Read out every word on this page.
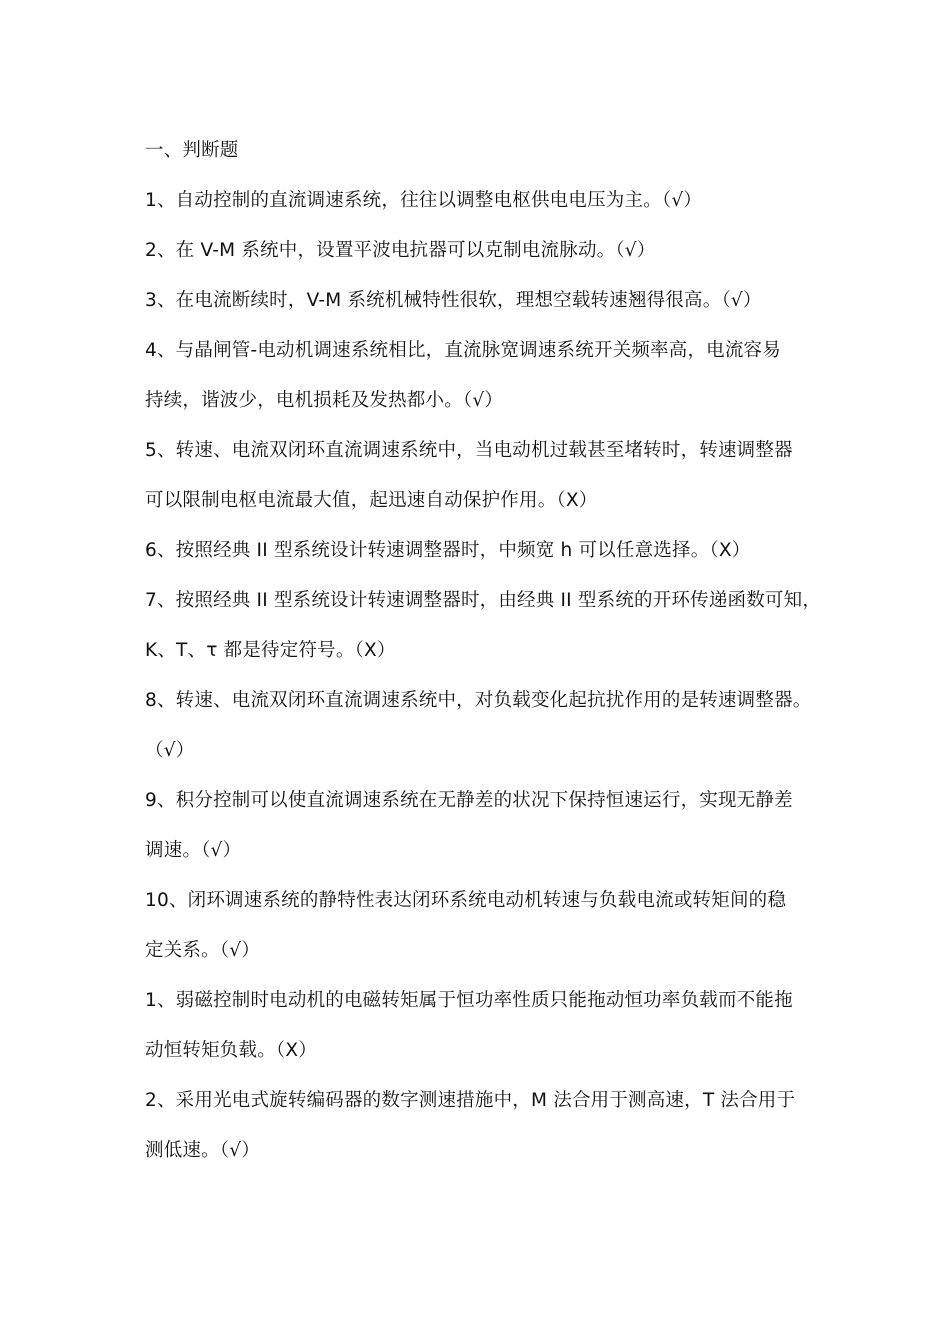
一、判断题
1、自动控制的直流调速系统，往往以调整电枢供电电压为主。（√）
2、在 V-M 系统中，设置平波电抗器可以克制电流脉动。（√）
3、在电流断续时，V-M 系统机械特性很软，理想空载转速翘得很高。（√）
4、与晶闸管-电动机调速系统相比，直流脉宽调速系统开关频率高，电流容易
持续，谐波少，电机损耗及发热都小。（√）
5、转速、电流双闭环直流调速系统中，当电动机过载甚至堵转时，转速调整器
可以限制电枢电流最大值，起迅速自动保护作用。（X）
6、按照经典 II 型系统设计转速调整器时，中频宽 h 可以任意选择。（X）
7、按照经典 II 型系统设计转速调整器时，由经典 II 型系统的开环传递函数可知，
K、T、τ 都是待定符号。（X）
8、转速、电流双闭环直流调速系统中，对负载变化起抗扰作用的是转速调整器。
（√）
9、积分控制可以使直流调速系统在无静差的状况下保持恒速运行，实现无静差
调速。（√）
10、闭环调速系统的静特性表达闭环系统电动机转速与负载电流或转矩间的稳
定关系。（√）
1、弱磁控制时电动机的电磁转矩属于恒功率性质只能拖动恒功率负载而不能拖
动恒转矩负载。（X）
2、采用光电式旋转编码器的数字测速措施中，M 法合用于测高速，T 法合用于
测低速。（√）
